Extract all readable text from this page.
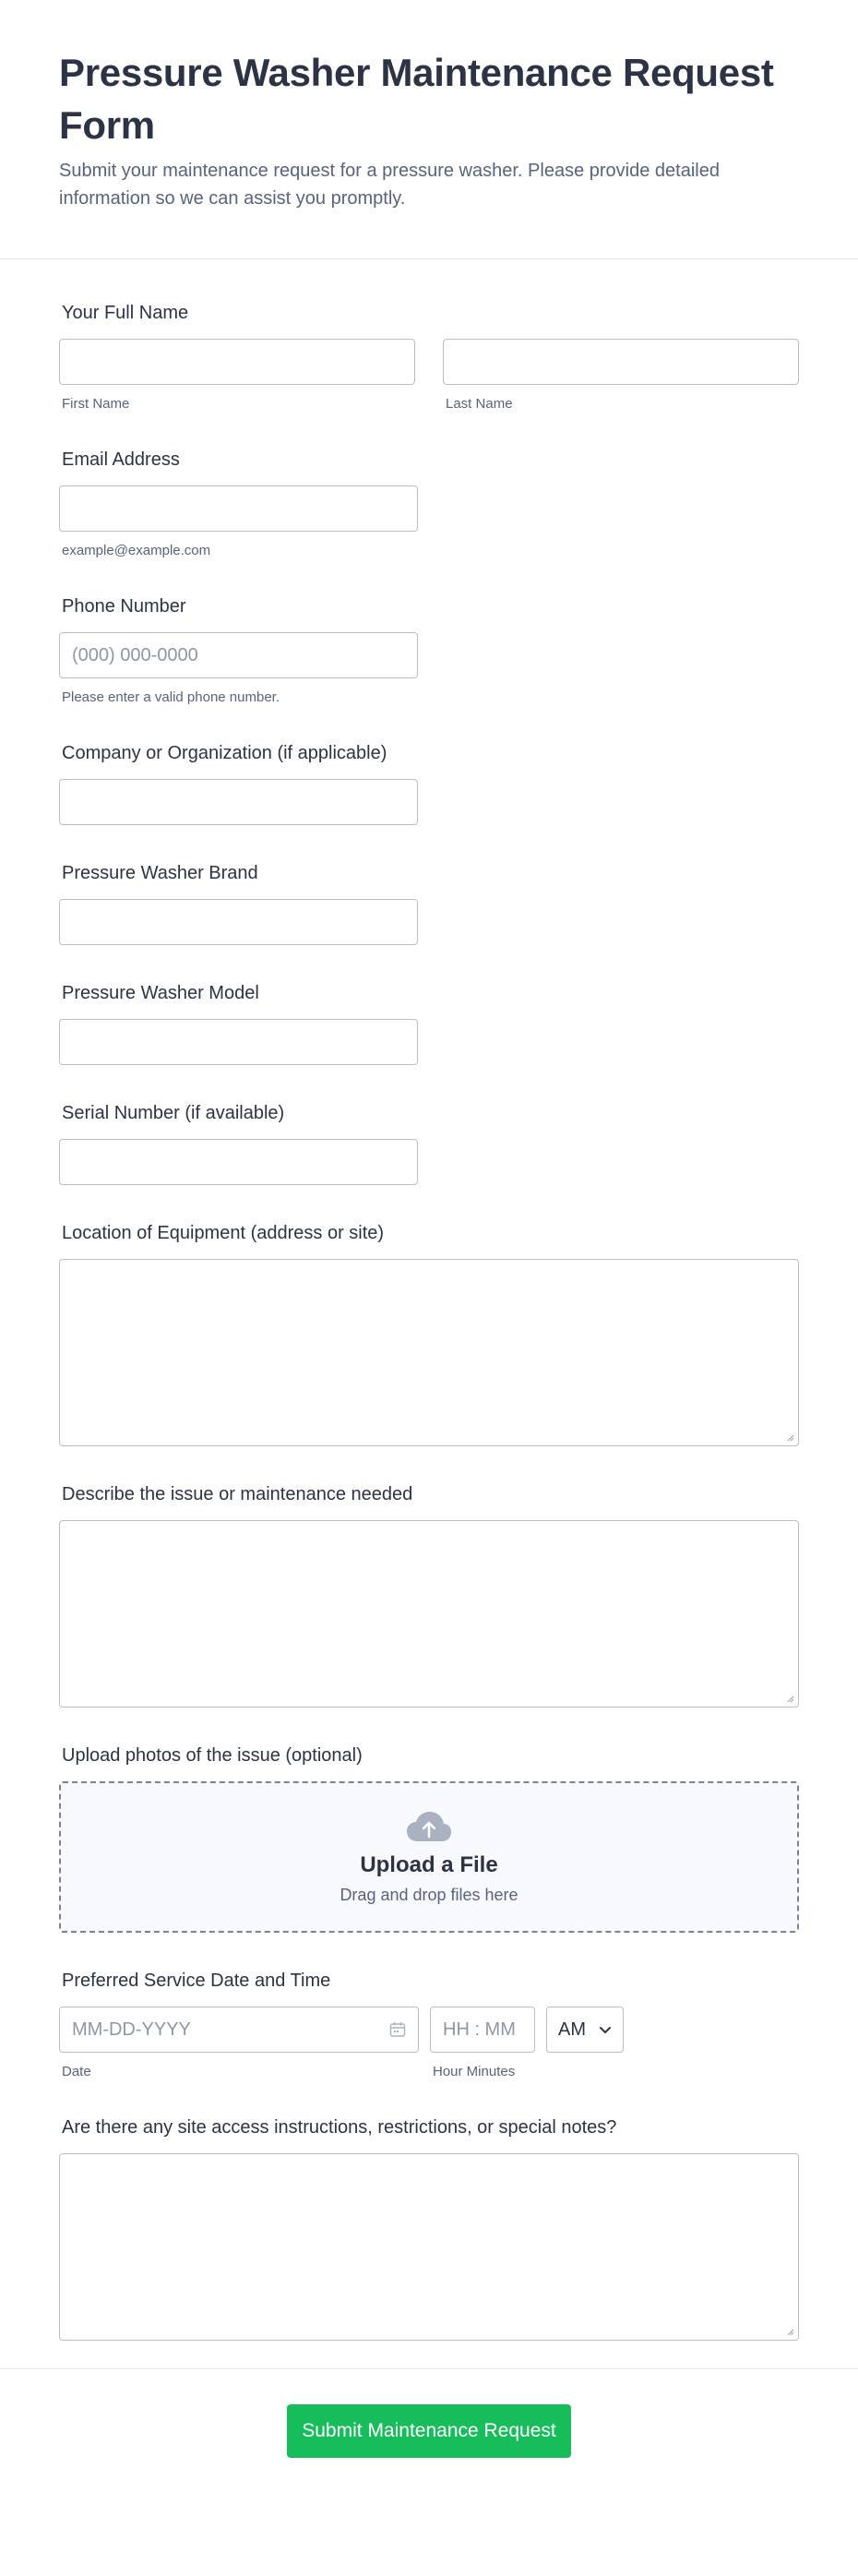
Pressure Washer Maintenance Request Form

Submit your maintenance request for a pressure washer. Please provide detailed information so we can assist you promptly.

Your Full Name
First Name	Last Name
Email Address
example@example.com
Phone Number
(000) 000-0000
Please enter a valid phone number.
Company or Organization (if applicable)
Pressure Washer Brand
Pressure Washer Model
Serial Number (if available)
Location of Equipment (address or site)
Describe the issue or maintenance needed
Upload photos of the issue (optional)
Upload a File
Drag and drop files here
Preferred Service Date and Time
MM-DD-YYYY
Date
HH : MM
Hour Minutes
AM
Are there any site access instructions, restrictions, or special notes?
Submit Maintenance Request
